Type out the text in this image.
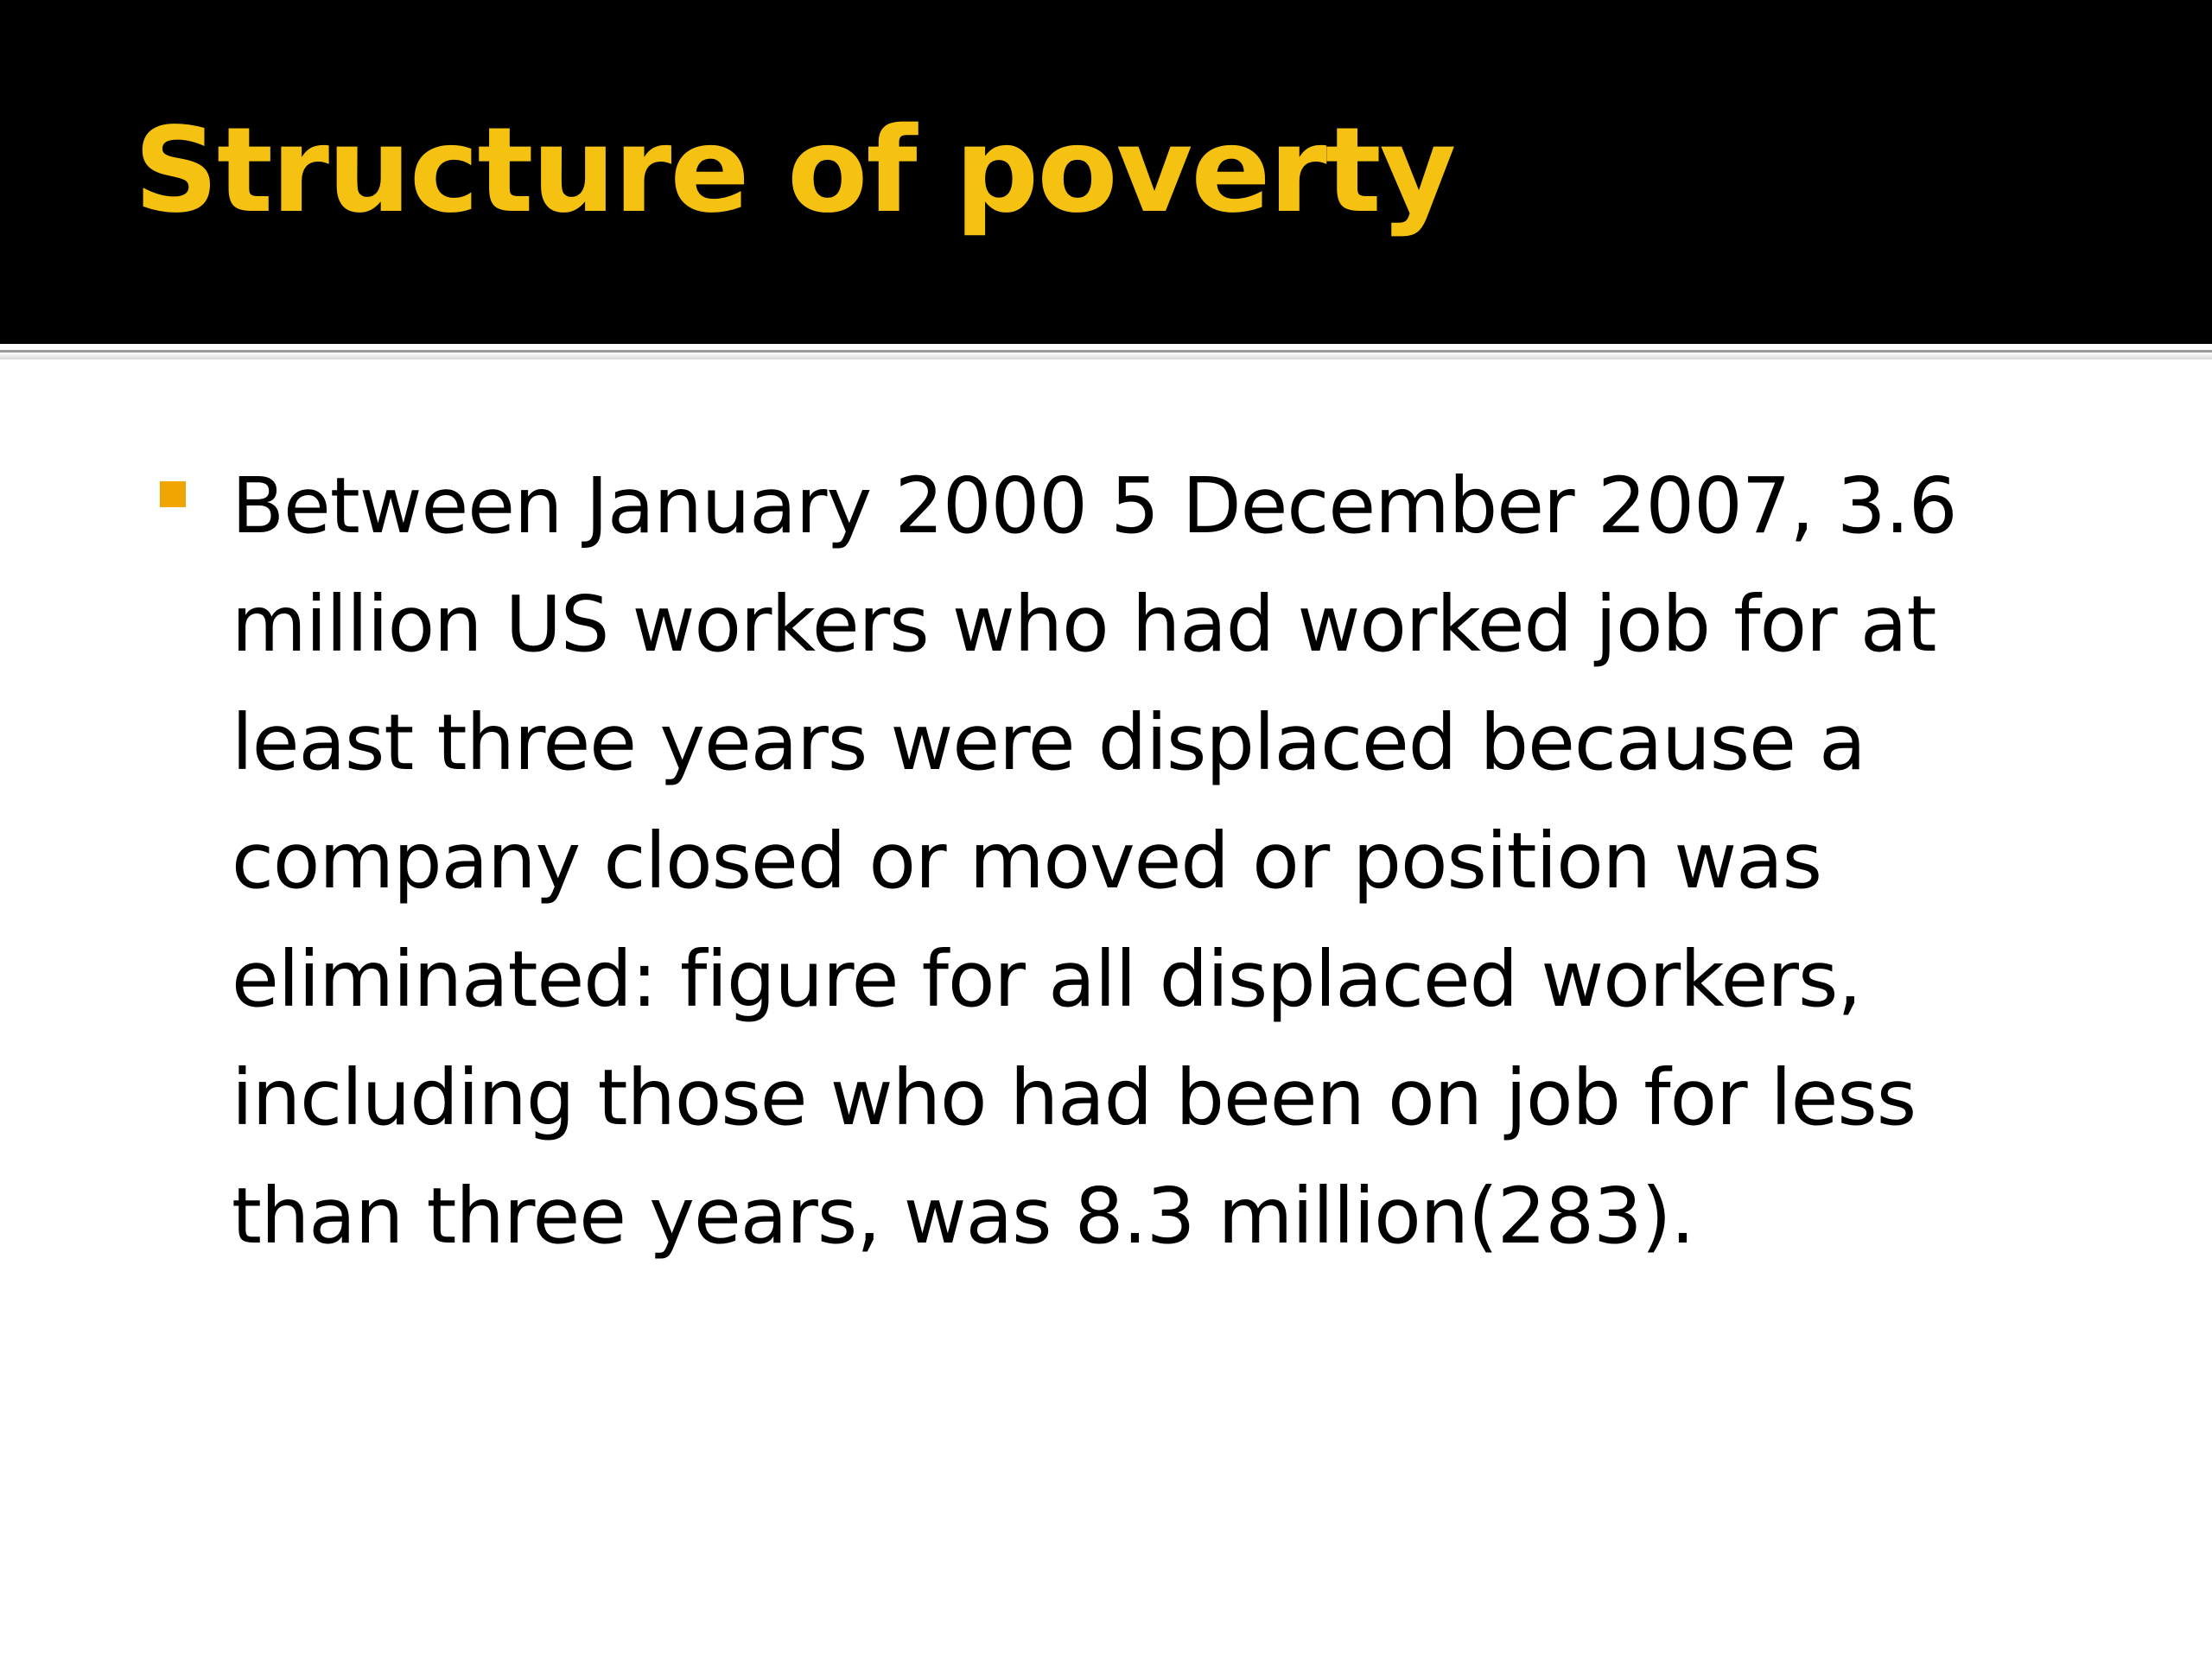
Structure of poverty
Between January 2000 5 December 2007, 3.6 million US workers who had worked job for at least three years were displaced because a company closed or moved or position was eliminated: figure for all displaced workers, including those who had been on job for less than three years, was 8.3 million(283).
